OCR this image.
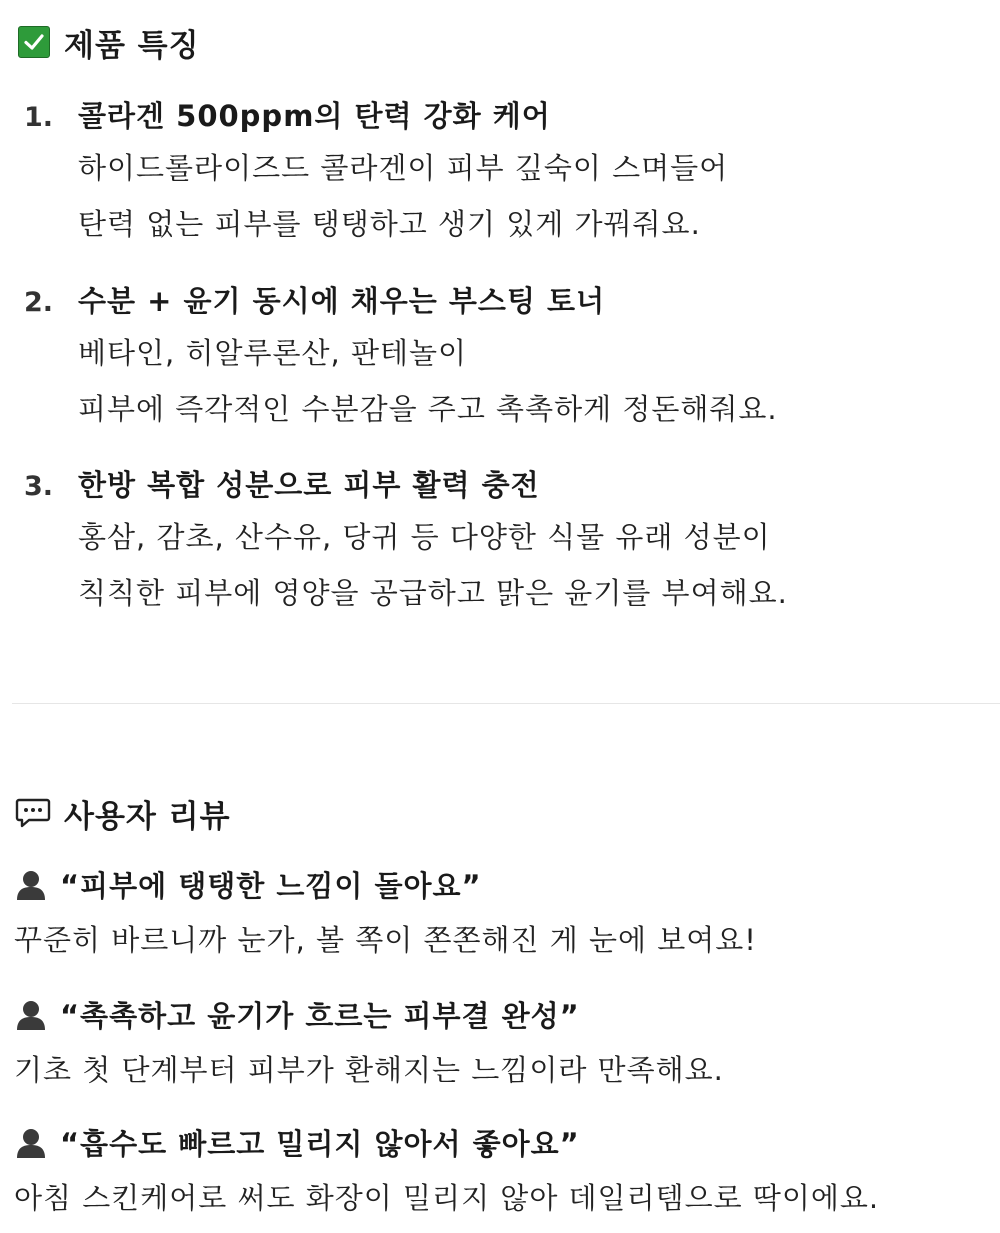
제품 특징
1. 콜라겐 500ppm의 탄력 강화 케어
하이드롤라이즈드 콜라겐이 피부 깊숙이 스며들어
탄력 없는 피부를 탱탱하고 생기 있게 가꿔줘요.
2. 수분 + 윤기 동시에 채우는 부스팅 토너
베타인, 히알루론산, 판테놀이
피부에 즉각적인 수분감을 주고 촉촉하게 정돈해줘요.
3. 한방 복합 성분으로 피부 활력 충전
홍삼, 감초, 산수유, 당귀 등 다양한 식물 유래 성분이
칙칙한 피부에 영양을 공급하고 맑은 윤기를 부여해요.
사용자 리뷰
“피부에 탱탱한 느낌이 돌아요”
꾸준히 바르니까 눈가, 볼 쪽이 쫀쫀해진 게 눈에 보여요!
“촉촉하고 윤기가 흐르는 피부결 완성”
기초 첫 단계부터 피부가 환해지는 느낌이라 만족해요.
“흡수도 빠르고 밀리지 않아서 좋아요”
아침 스킨케어로 써도 화장이 밀리지 않아 데일리템으로 딱이에요.
